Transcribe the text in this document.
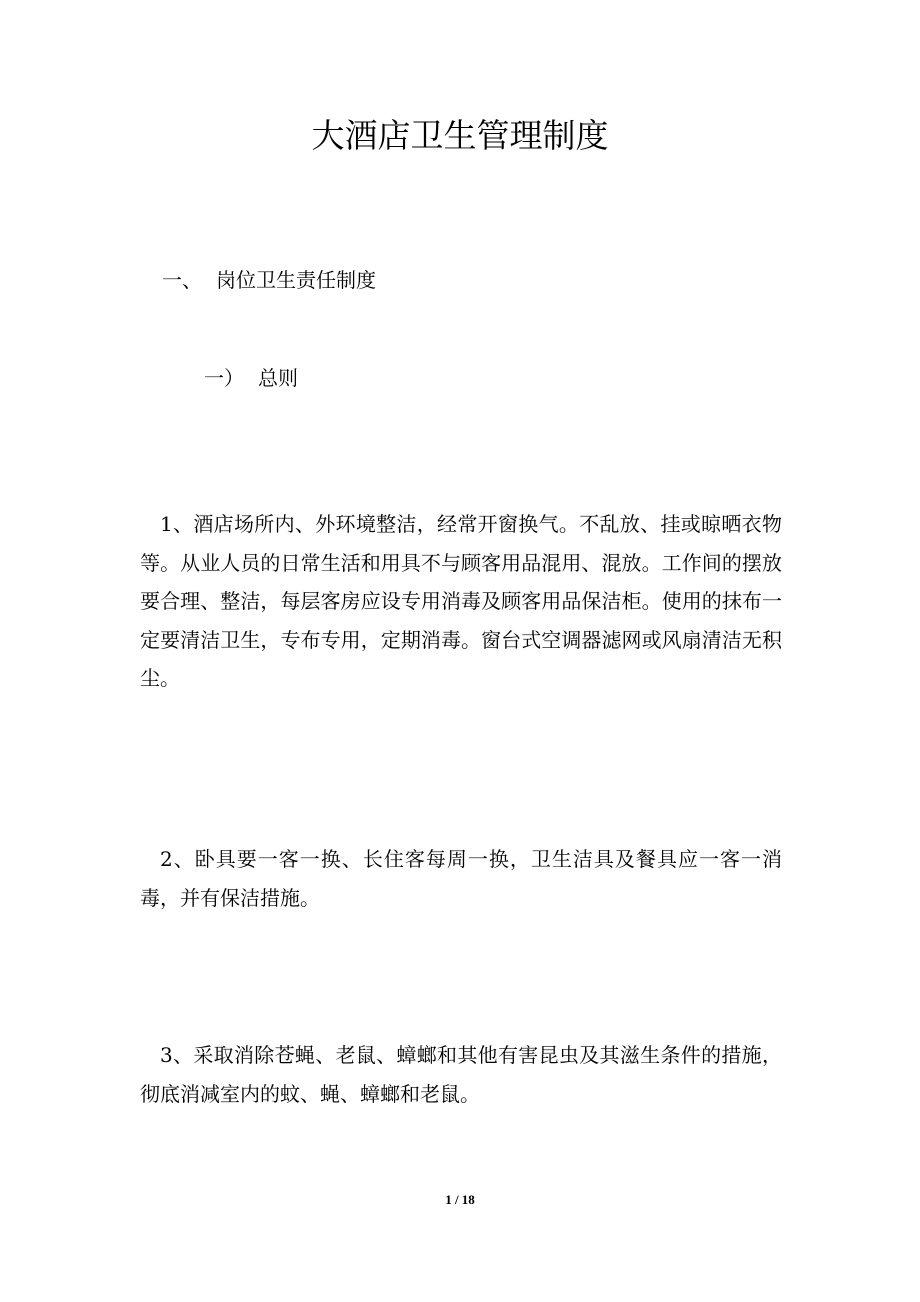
大酒店卫生管理制度
一、 岗位卫生责任制度
一） 总则

1、酒店场所内、外环境整洁，经常开窗换气。不乱放、挂或晾晒衣物等。从业人员的日常生活和用具不与顾客用品混用、混放。工作间的摆放要合理、整洁，每层客房应设专用消毒及顾客用品保洁柜。使用的抹布一定要清洁卫生，专布专用，定期消毒。窗台式空调器滤网或风扇清洁无积尘。

2、卧具要一客一换、长住客每周一换，卫生洁具及餐具应一客一消毒，并有保洁措施。

3、采取消除苍蝇、老鼠、蟑螂和其他有害昆虫及其滋生条件的措施，彻底消减室内的蚊、蝇、蟑螂和老鼠。

1 / 18
